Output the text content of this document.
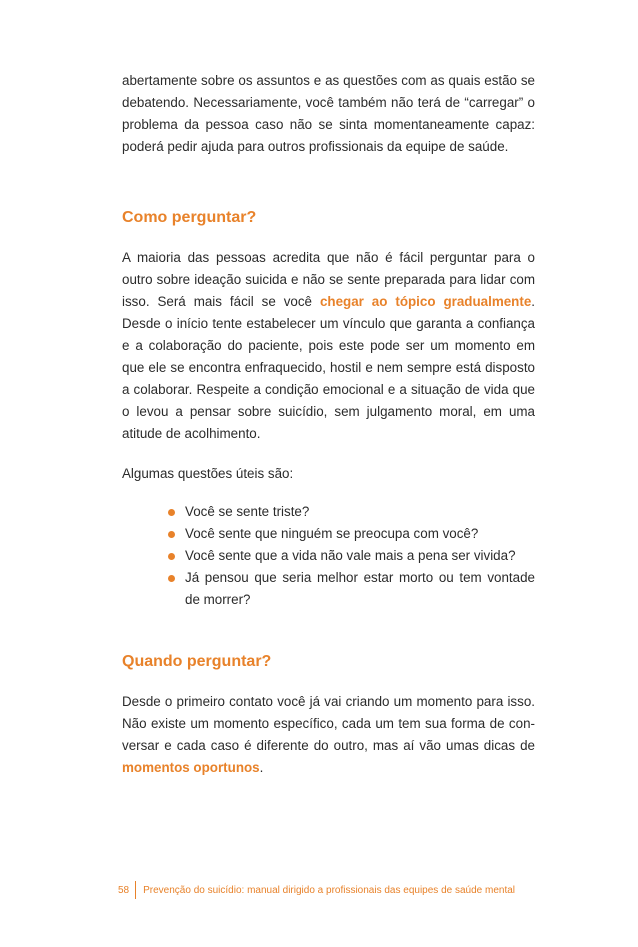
abertamente sobre os assuntos e as questões com as quais estão se debatendo. Necessariamente, você também não terá de “carregar” o problema da pessoa caso não se sinta momentaneamente capaz: poderá pedir ajuda para outros profissionais da equipe de saúde.

Como perguntar?

A maioria das pessoas acredita que não é fácil perguntar para o outro sobre ideação suicida e não se sente preparada para lidar com isso. Será mais fácil se você chegar ao tópico gradualmente. Desde o início tente estabelecer um vínculo que garanta a confiança e a colaboração do paciente, pois este pode ser um momento em que ele se encontra enfraquecido, hostil e nem sempre está disposto a colaborar. Respeite a condição emocional e a situação de vida que o levou a pensar sobre suicídio, sem julgamento moral, em uma atitude de acolhimento.

Algumas questões úteis são:

Você se sente triste?
Você sente que ninguém se preocupa com você?
Você sente que a vida não vale mais a pena ser vivida?
Já pensou que seria melhor estar morto ou tem vontade de morrer?
Quando perguntar?

Desde o primeiro contato você já vai criando um momento para isso. Não existe um momento específico, cada um tem sua forma de conversar e cada caso é diferente do outro, mas aí vão umas dicas de momentos oportunos.

58	Prevenção do suicídio: manual dirigido a profissionais das equipes de saúde mental
